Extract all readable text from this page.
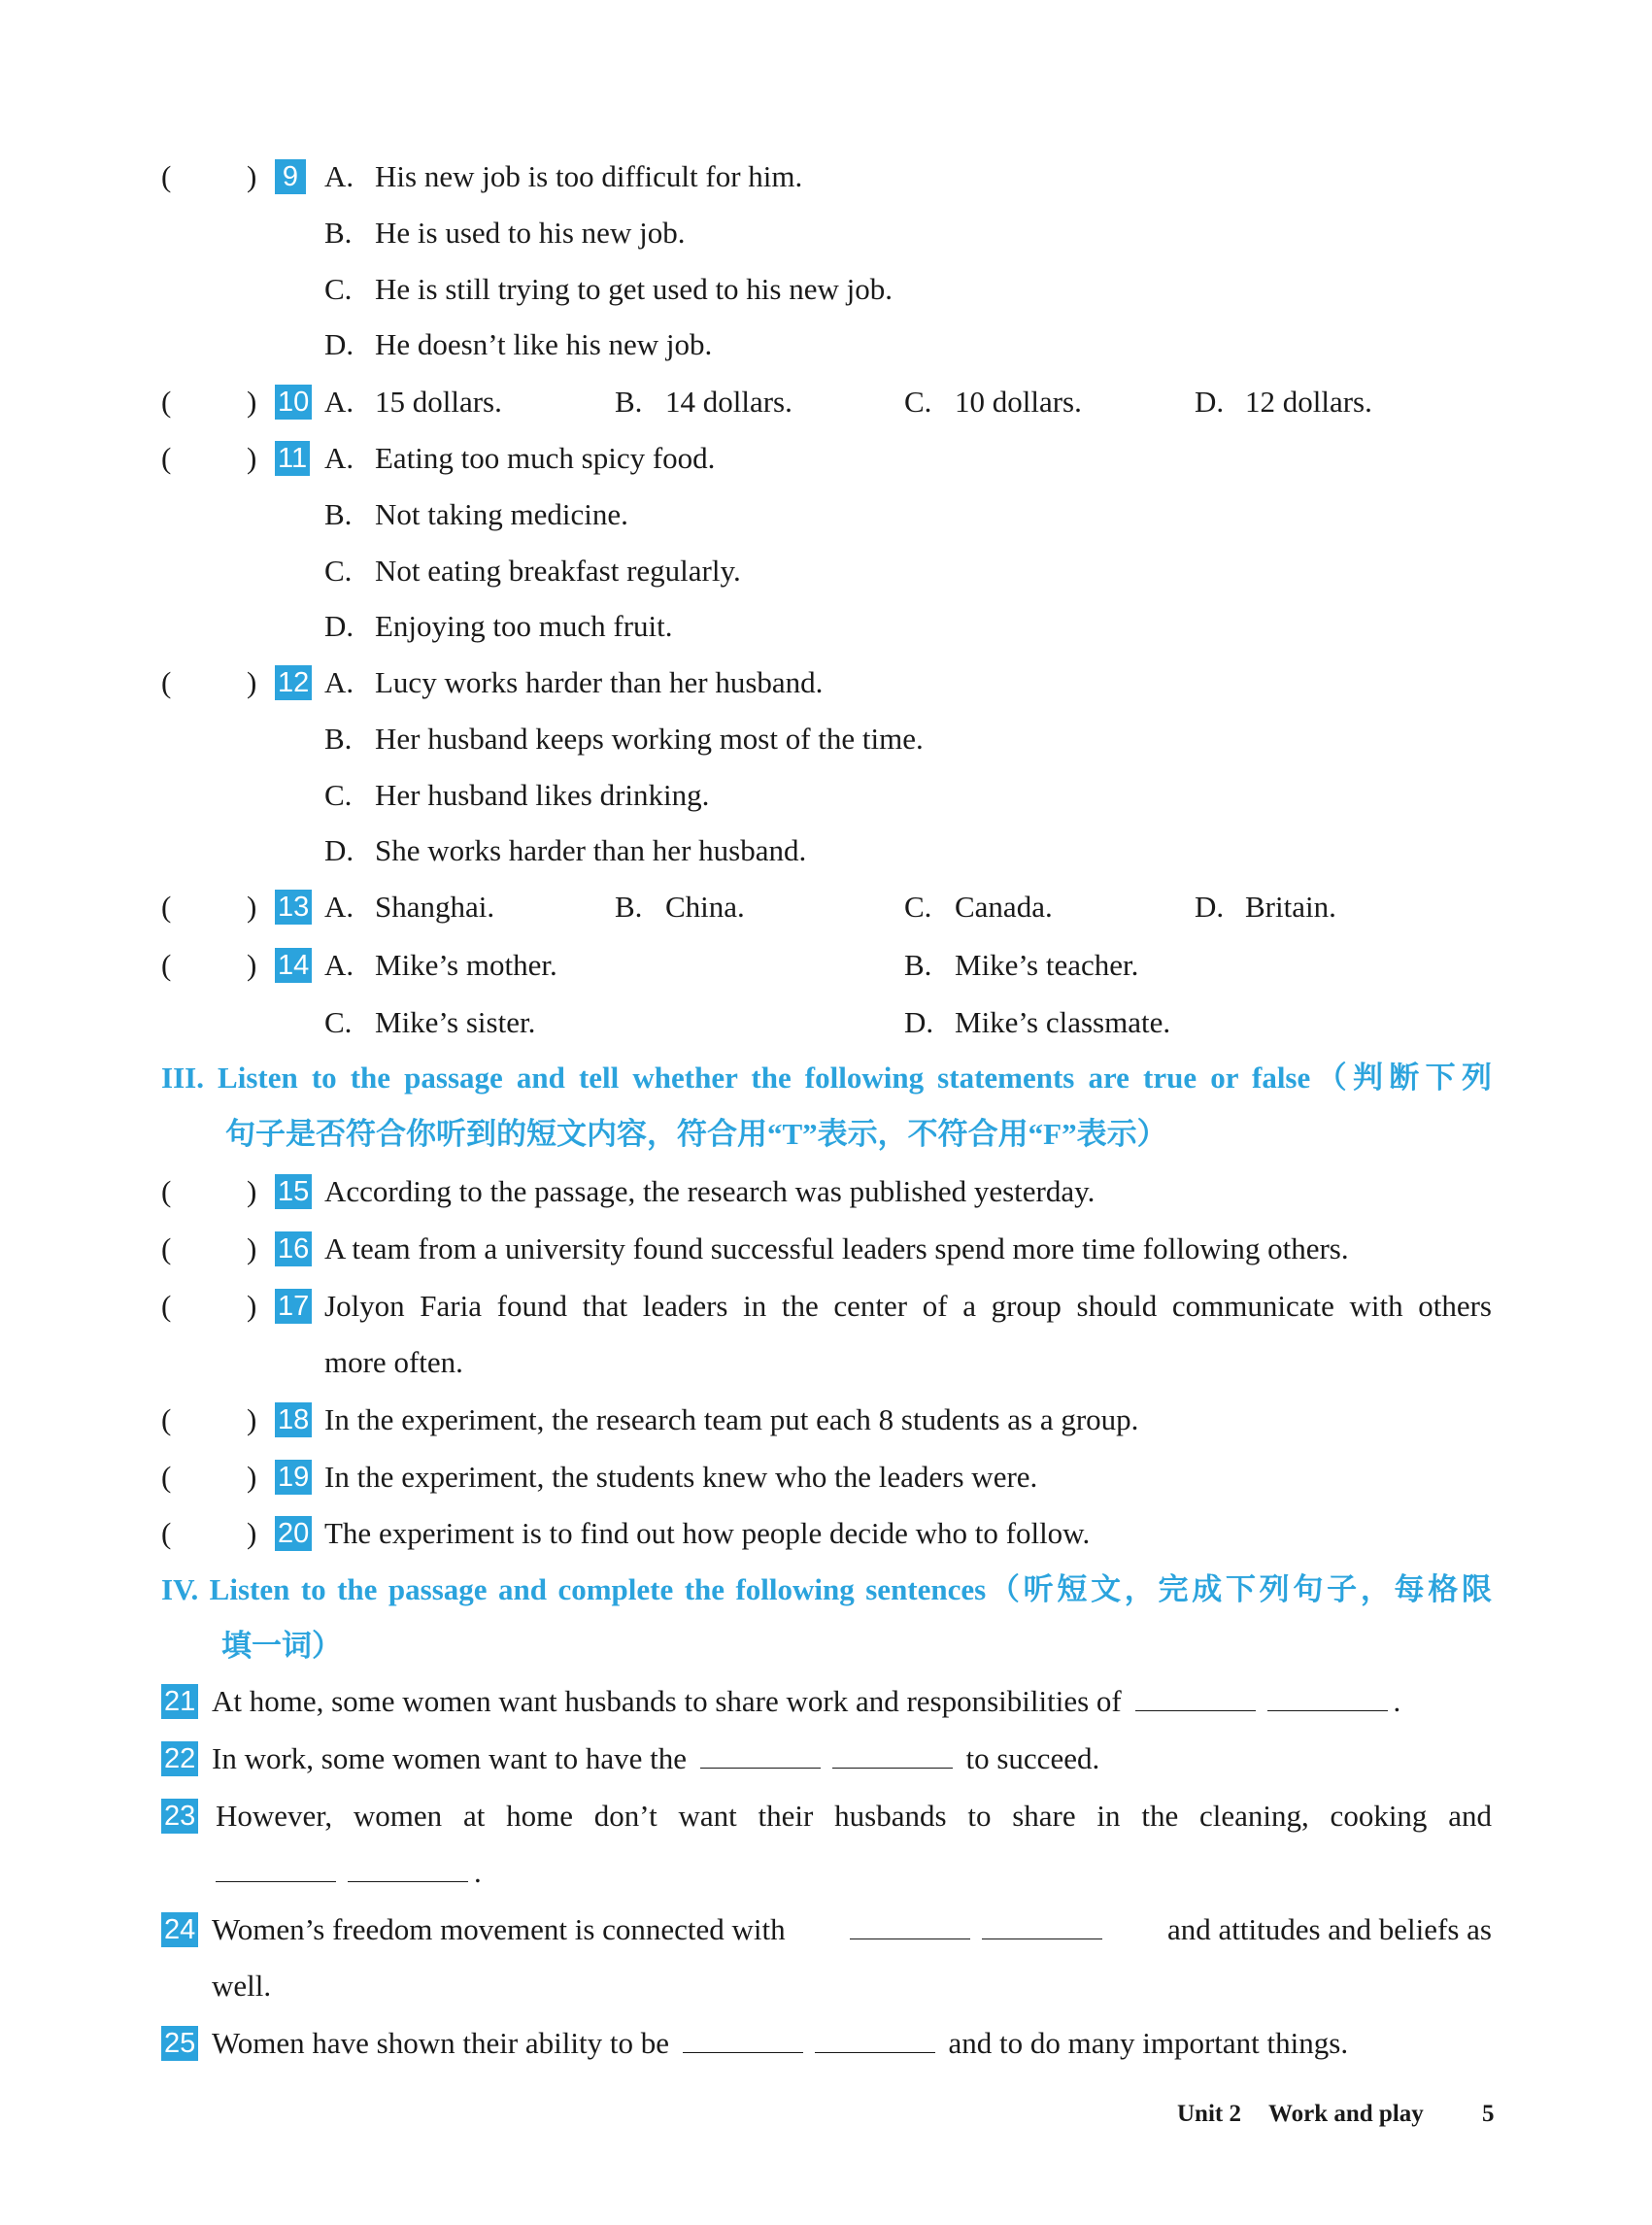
(	) 9 A. His new job is too difficult for him.
B. He is used to his new job.
C. He is still trying to get used to his new job.
D. He doesn’t like his new job.
(	) 10 A. 15 dollars.	B. 14 dollars.	C. 10 dollars.	D. 12 dollars.
(	) 11 A. Eating too much spicy food.
B. Not taking medicine.
C. Not eating breakfast regularly.
D. Enjoying too much fruit.
(	) 12 A. Lucy works harder than her husband.
B. Her husband keeps working most of the time.
C. Her husband likes drinking.
D. She works harder than her husband.
(	) 13 A. Shanghai.	B. China.	C. Canada.	D. Britain.
(	) 14 A. Mike’s mother.	B. Mike’s teacher.
C. Mike’s sister.	D. Mike’s classmate.
III. Listen to the passage and tell whether the following statements are true or false（判断下列
句子是否符合你听到的短文内容，符合用“T”表示，不符合用“F”表示）
(	) 15 According to the passage, the research was published yesterday.
(	) 16 A team from a university found successful leaders spend more time following others.
(	) 17 Jolyon Faria found that leaders in the center of a group should communicate with others
more often.
(	) 18 In the experiment, the research team put each 8 students as a group.
(	) 19 In the experiment, the students knew who the leaders were.
(	) 20 The experiment is to find out how people decide who to follow.
IV. Listen to the passage and complete the following sentences（听短文，完成下列句子，每格限
填一词）
21 At home, some women want husbands to share work and responsibilities of	.
22 In work, some women want to have the	to succeed.
23 However, women at home don’t want their husbands to share in the cleaning, cooking and
.
24 Women’s freedom movement is connected with	and attitudes and beliefs as
well.
25 Women have shown their ability to be	and to do many important things.
Unit 2 Work and play 5
